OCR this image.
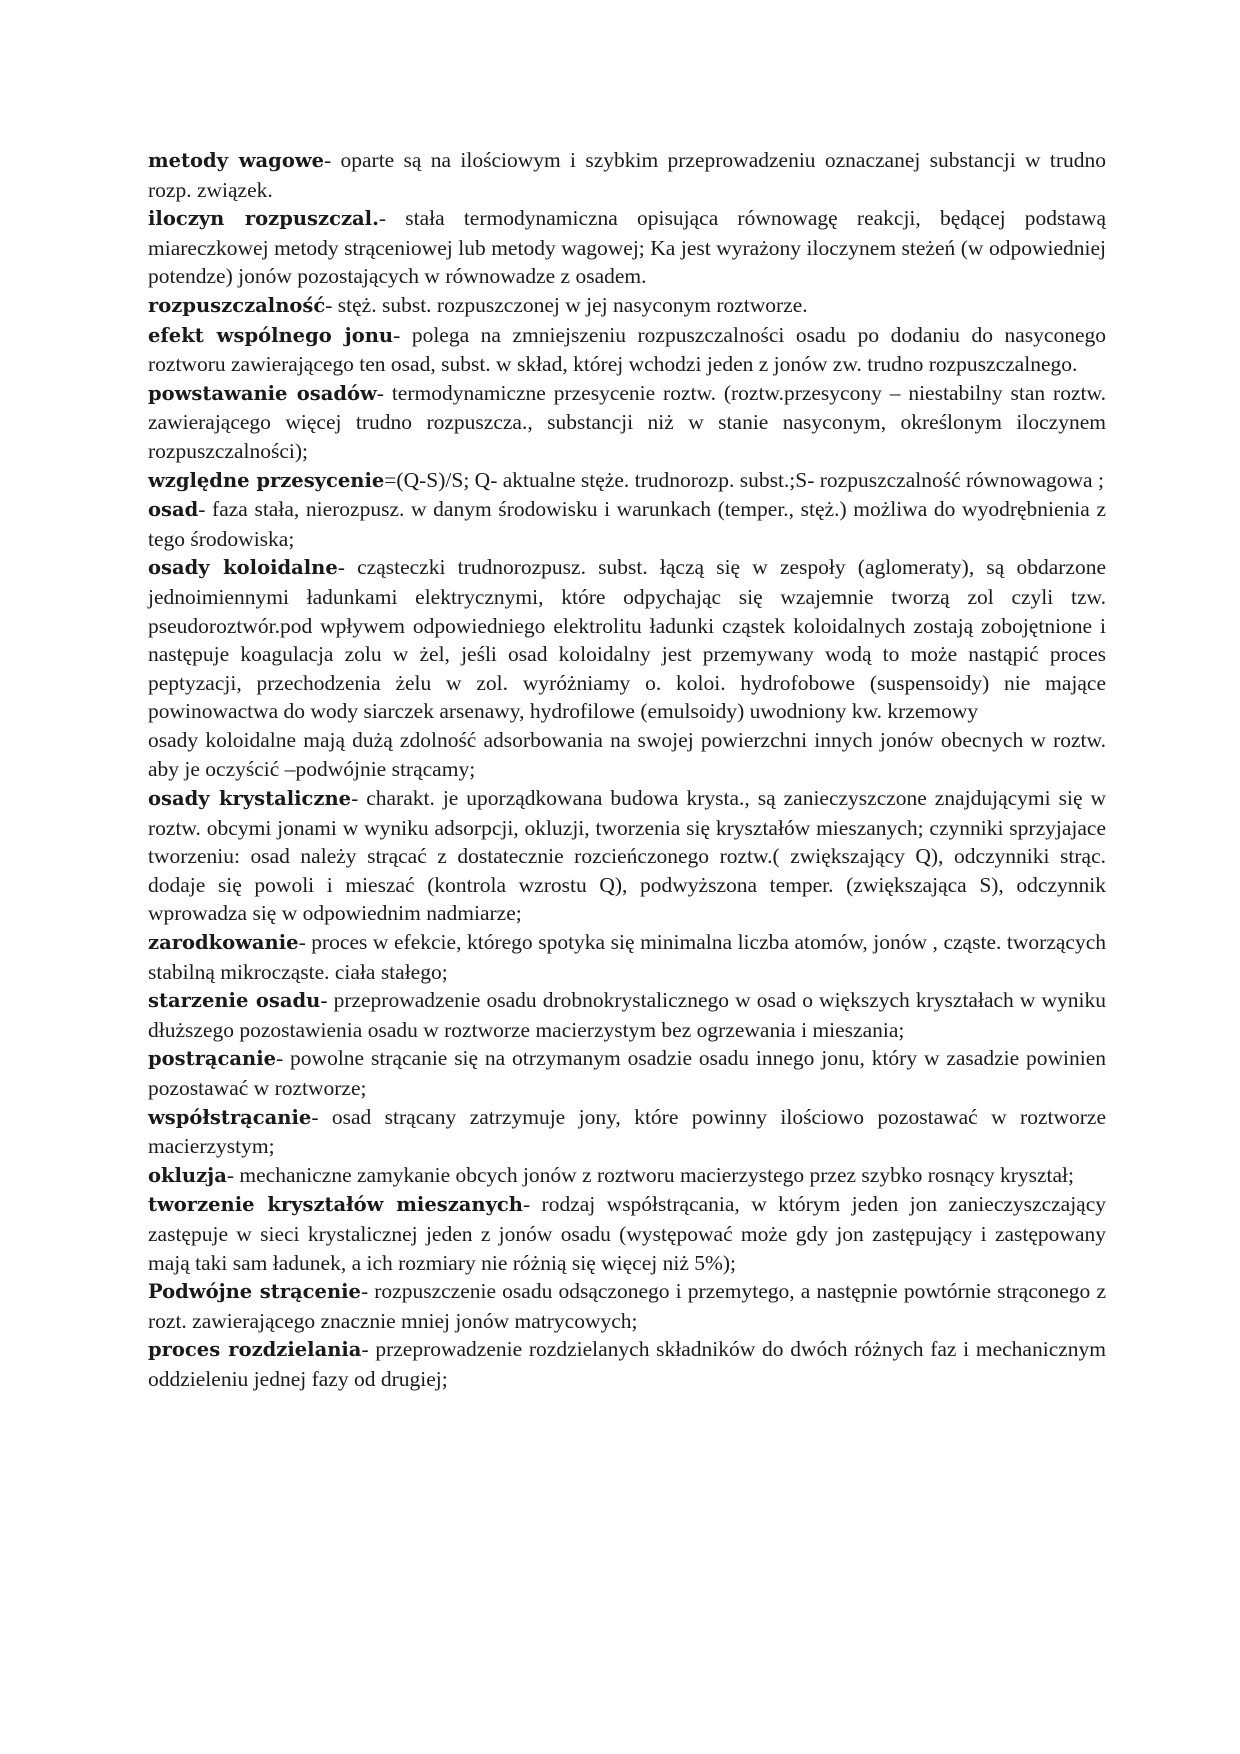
metody wagowe- oparte są na ilościowym i szybkim przeprowadzeniu oznaczanej substancji w trudno rozp. związek.

iloczyn rozpuszczal.- stała termodynamiczna opisująca równowagę reakcji, będącej podstawą miareczkowej metody strąceniowej lub metody wagowej; Ka jest wyrażony iloczynem steżeń (w odpowiedniej potendze) jonów pozostających w równowadze z osadem.

rozpuszczalność- stęż. subst. rozpuszczonej w jej nasyconym roztworze.

efekt wspólnego jonu- polega na zmniejszeniu rozpuszczalności osadu po dodaniu do nasyconego roztworu zawierającego ten osad, subst. w skład, której wchodzi jeden z jonów zw. trudno rozpuszczalnego.

powstawanie osadów- termodynamiczne przesycenie roztw. (roztw.przesycony – niestabilny stan roztw. zawierającego więcej trudno rozpuszcza., substancji niż w stanie nasyconym, określonym iloczynem rozpuszczalności);

względne przesycenie=(Q-S)/S; Q- aktualne stęże. trudnorozp. subst.;S- rozpuszczalność równowagowa ;

osad- faza stała, nierozpusz. w danym środowisku i warunkach (temper., stęż.) możliwa do wyodrębnienia z tego środowiska;

osady koloidalne- cząsteczki trudnorozpusz. subst. łączą się w zespoły (aglomeraty), są obdarzone jednoimiennymi ładunkami elektrycznymi, które odpychając się wzajemnie tworzą zol czyli tzw. pseudoroztwór.pod wpływem odpowiedniego elektrolitu ładunki cząstek koloidalnych zostają zobojętnione i następuje koagulacja zolu w żel, jeśli osad koloidalny jest przemywany wodą to może nastąpić proces peptyzacji, przechodzenia żelu w zol. wyróżniamy o. koloi. hydrofobowe (suspensoidy) nie mające powinowactwa do wody siarczek arsenawy, hydrofilowe (emulsoidy) uwodniony kw. krzemowy

osady koloidalne mają dużą zdolność adsorbowania na swojej powierzchni innych jonów obecnych w roztw. aby je oczyścić –podwójnie strącamy;

osady krystaliczne- charakt. je uporządkowana budowa krysta., są zanieczyszczone znajdującymi się w roztw. obcymi jonami w wyniku adsorpcji, okluzji, tworzenia się kryształów mieszanych; czynniki sprzyjajace tworzeniu: osad należy strącać z dostatecznie rozcieńczonego roztw.( zwiększający Q), odczynniki strąc. dodaje się powoli i mieszać (kontrola wzrostu Q), podwyższona temper. (zwiększająca S), odczynnik wprowadza się w odpowiednim nadmiarze;

zarodkowanie- proces w efekcie, którego spotyka się minimalna liczba atomów, jonów , cząste. tworzących stabilną mikrocząste. ciała stałego;

starzenie osadu- przeprowadzenie osadu drobnokrystalicznego w osad o większych kryształach w wyniku dłuższego pozostawienia osadu w roztworze macierzystym bez ogrzewania i mieszania;

postrącanie- powolne strącanie się na otrzymanym osadzie osadu innego jonu, który w zasadzie powinien pozostawać w roztworze;

współstrącanie- osad strącany zatrzymuje jony, które powinny ilościowo pozostawać w roztworze macierzystym;

okluzja- mechaniczne zamykanie obcych jonów z roztworu macierzystego przez szybko rosnący kryształ;

tworzenie kryształów mieszanych- rodzaj współstrącania, w którym jeden jon zanieczyszczający zastępuje w sieci krystalicznej jeden z jonów osadu (występować może gdy jon zastępujący i zastępowany mają taki sam ładunek, a ich rozmiary nie różnią się więcej niż 5%);

Podwójne strącenie- rozpuszczenie osadu odsączonego i przemytego, a następnie powtórnie strąconego z rozt. zawierającego znacznie mniej jonów matrycowych;

proces rozdzielania- przeprowadzenie rozdzielanych składników do dwóch różnych faz i mechanicznym oddzieleniu jednej fazy od drugiej;
